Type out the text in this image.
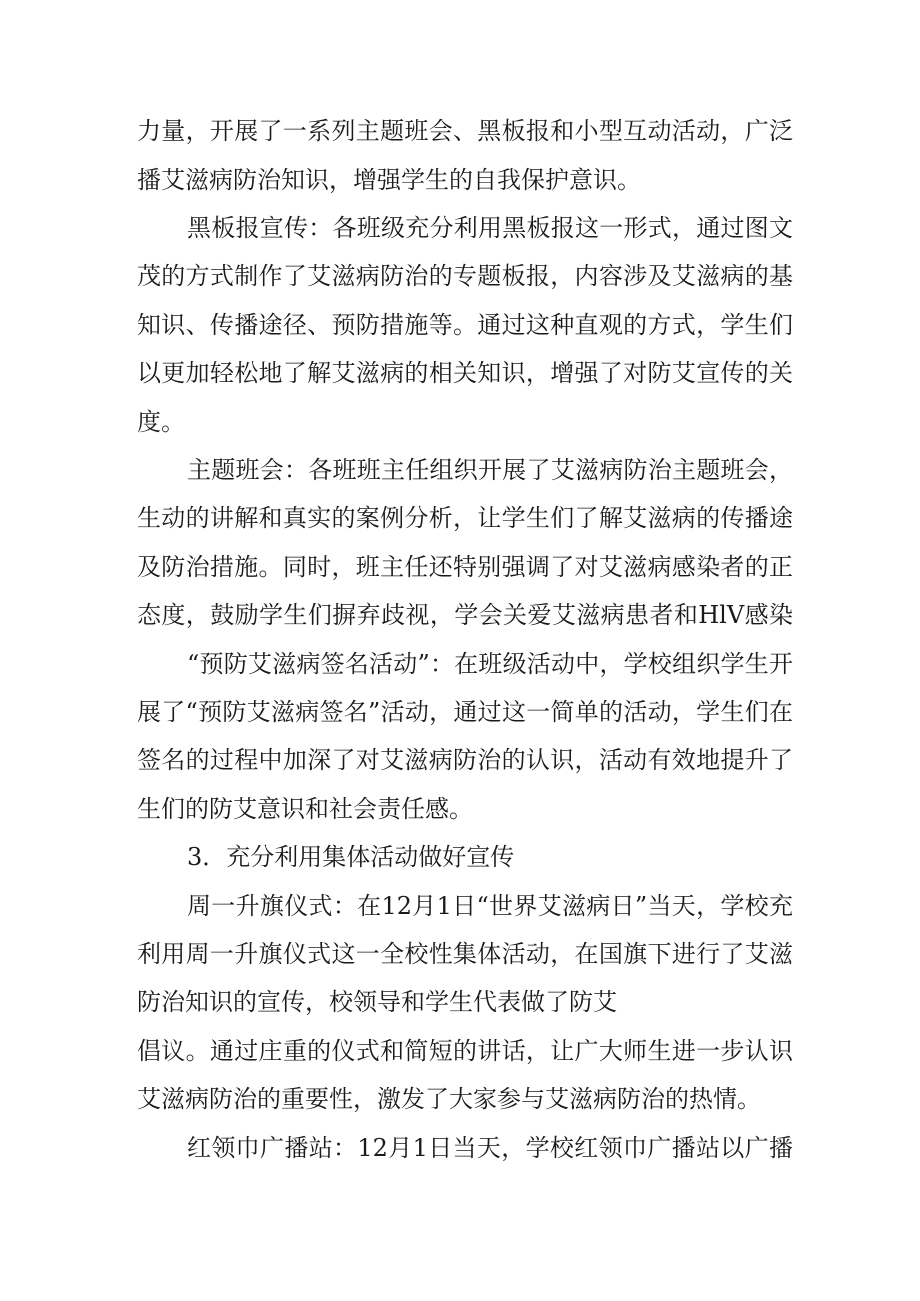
力量，开展了一系列主题班会、黑板报和小型互动活动，广泛
播艾滋病防治知识，增强学生的自我保护意识。
黑板报宣传：各班级充分利用黑板报这一形式，通过图文
茂的方式制作了艾滋病防治的专题板报，内容涉及艾滋病的基
知识、传播途径、预防措施等。通过这种直观的方式，学生们
以更加轻松地了解艾滋病的相关知识，增强了对防艾宣传的关
度。
主题班会：各班班主任组织开展了艾滋病防治主题班会，
生动的讲解和真实的案例分析，让学生们了解艾滋病的传播途
及防治措施。同时，班主任还特别强调了对艾滋病感染者的正
态度，鼓励学生们摒弃歧视，学会关爱艾滋病患者和HlV感染
“预防艾滋病签名活动”：在班级活动中，学校组织学生开
展了“预防艾滋病签名”活动，通过这一简单的活动，学生们在
签名的过程中加深了对艾滋病防治的认识，活动有效地提升了
生们的防艾意识和社会责任感。
3．充分利用集体活动做好宣传
周一升旗仪式：在12月1日“世界艾滋病日”当天，学校充
利用周一升旗仪式这一全校性集体活动，在国旗下进行了艾滋
防治知识的宣传，校领导和学生代表做了防艾
倡议。通过庄重的仪式和简短的讲话，让广大师生进一步认识
艾滋病防治的重要性，激发了大家参与艾滋病防治的热情。
红领巾广播站：12月1日当天，学校红领巾广播站以广播
